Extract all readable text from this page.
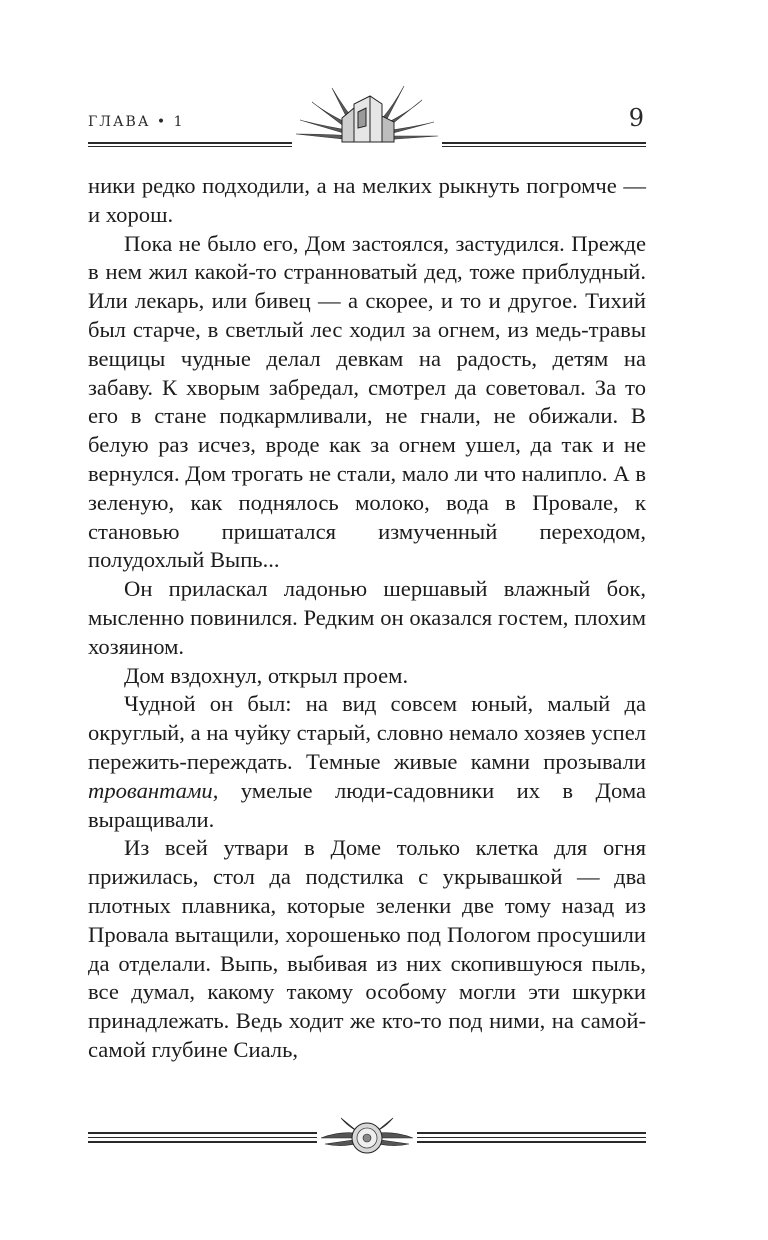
ГЛАВА • 1	9

ники редко подходили, а на мелких рыкнуть погромче — и хорош.

Пока не было его, Дом застоялся, застудился. Прежде в нем жил какой-то странноватый дед, тоже приблудный. Или лекарь, или бивец — а скорее, и то и другое. Тихий был старче, в светлый лес ходил за огнем, из медь-травы вещицы чудные делал девкам на радость, детям на забаву. К хворым забредал, смотрел да советовал. За то его в стане подкармливали, не гнали, не обижали. В белую раз исчез, вроде как за огнем ушел, да так и не вернулся. Дом трогать не стали, мало ли что налипло. А в зеленую, как поднялось молоко, вода в Провале, к становью пришатался измученный переходом, полудохлый Выпь...

Он приласкал ладонью шершавый влажный бок, мысленно повинился. Редким он оказался гостем, плохим хозяином.

Дом вздохнул, открыл проем.

Чудной он был: на вид совсем юный, малый да округлый, а на чуйку старый, словно немало хозяев успел пережить-переждать. Темные живые камни прозывали тровантами, умелые люди-садовники их в Дома выращивали.

Из всей утвари в Доме только клетка для огня прижилась, стол да подстилка с укрывашкой — два плотных плавника, которые зеленки две тому назад из Провала вытащили, хорошенько под Пологом просушили да отделали. Выпь, выбивая из них скопившуюся пыль, все думал, какому такому особому могли эти шкурки принадлежать. Ведь ходит же кто-то под ними, на самой-самой глубине Сиаль,
